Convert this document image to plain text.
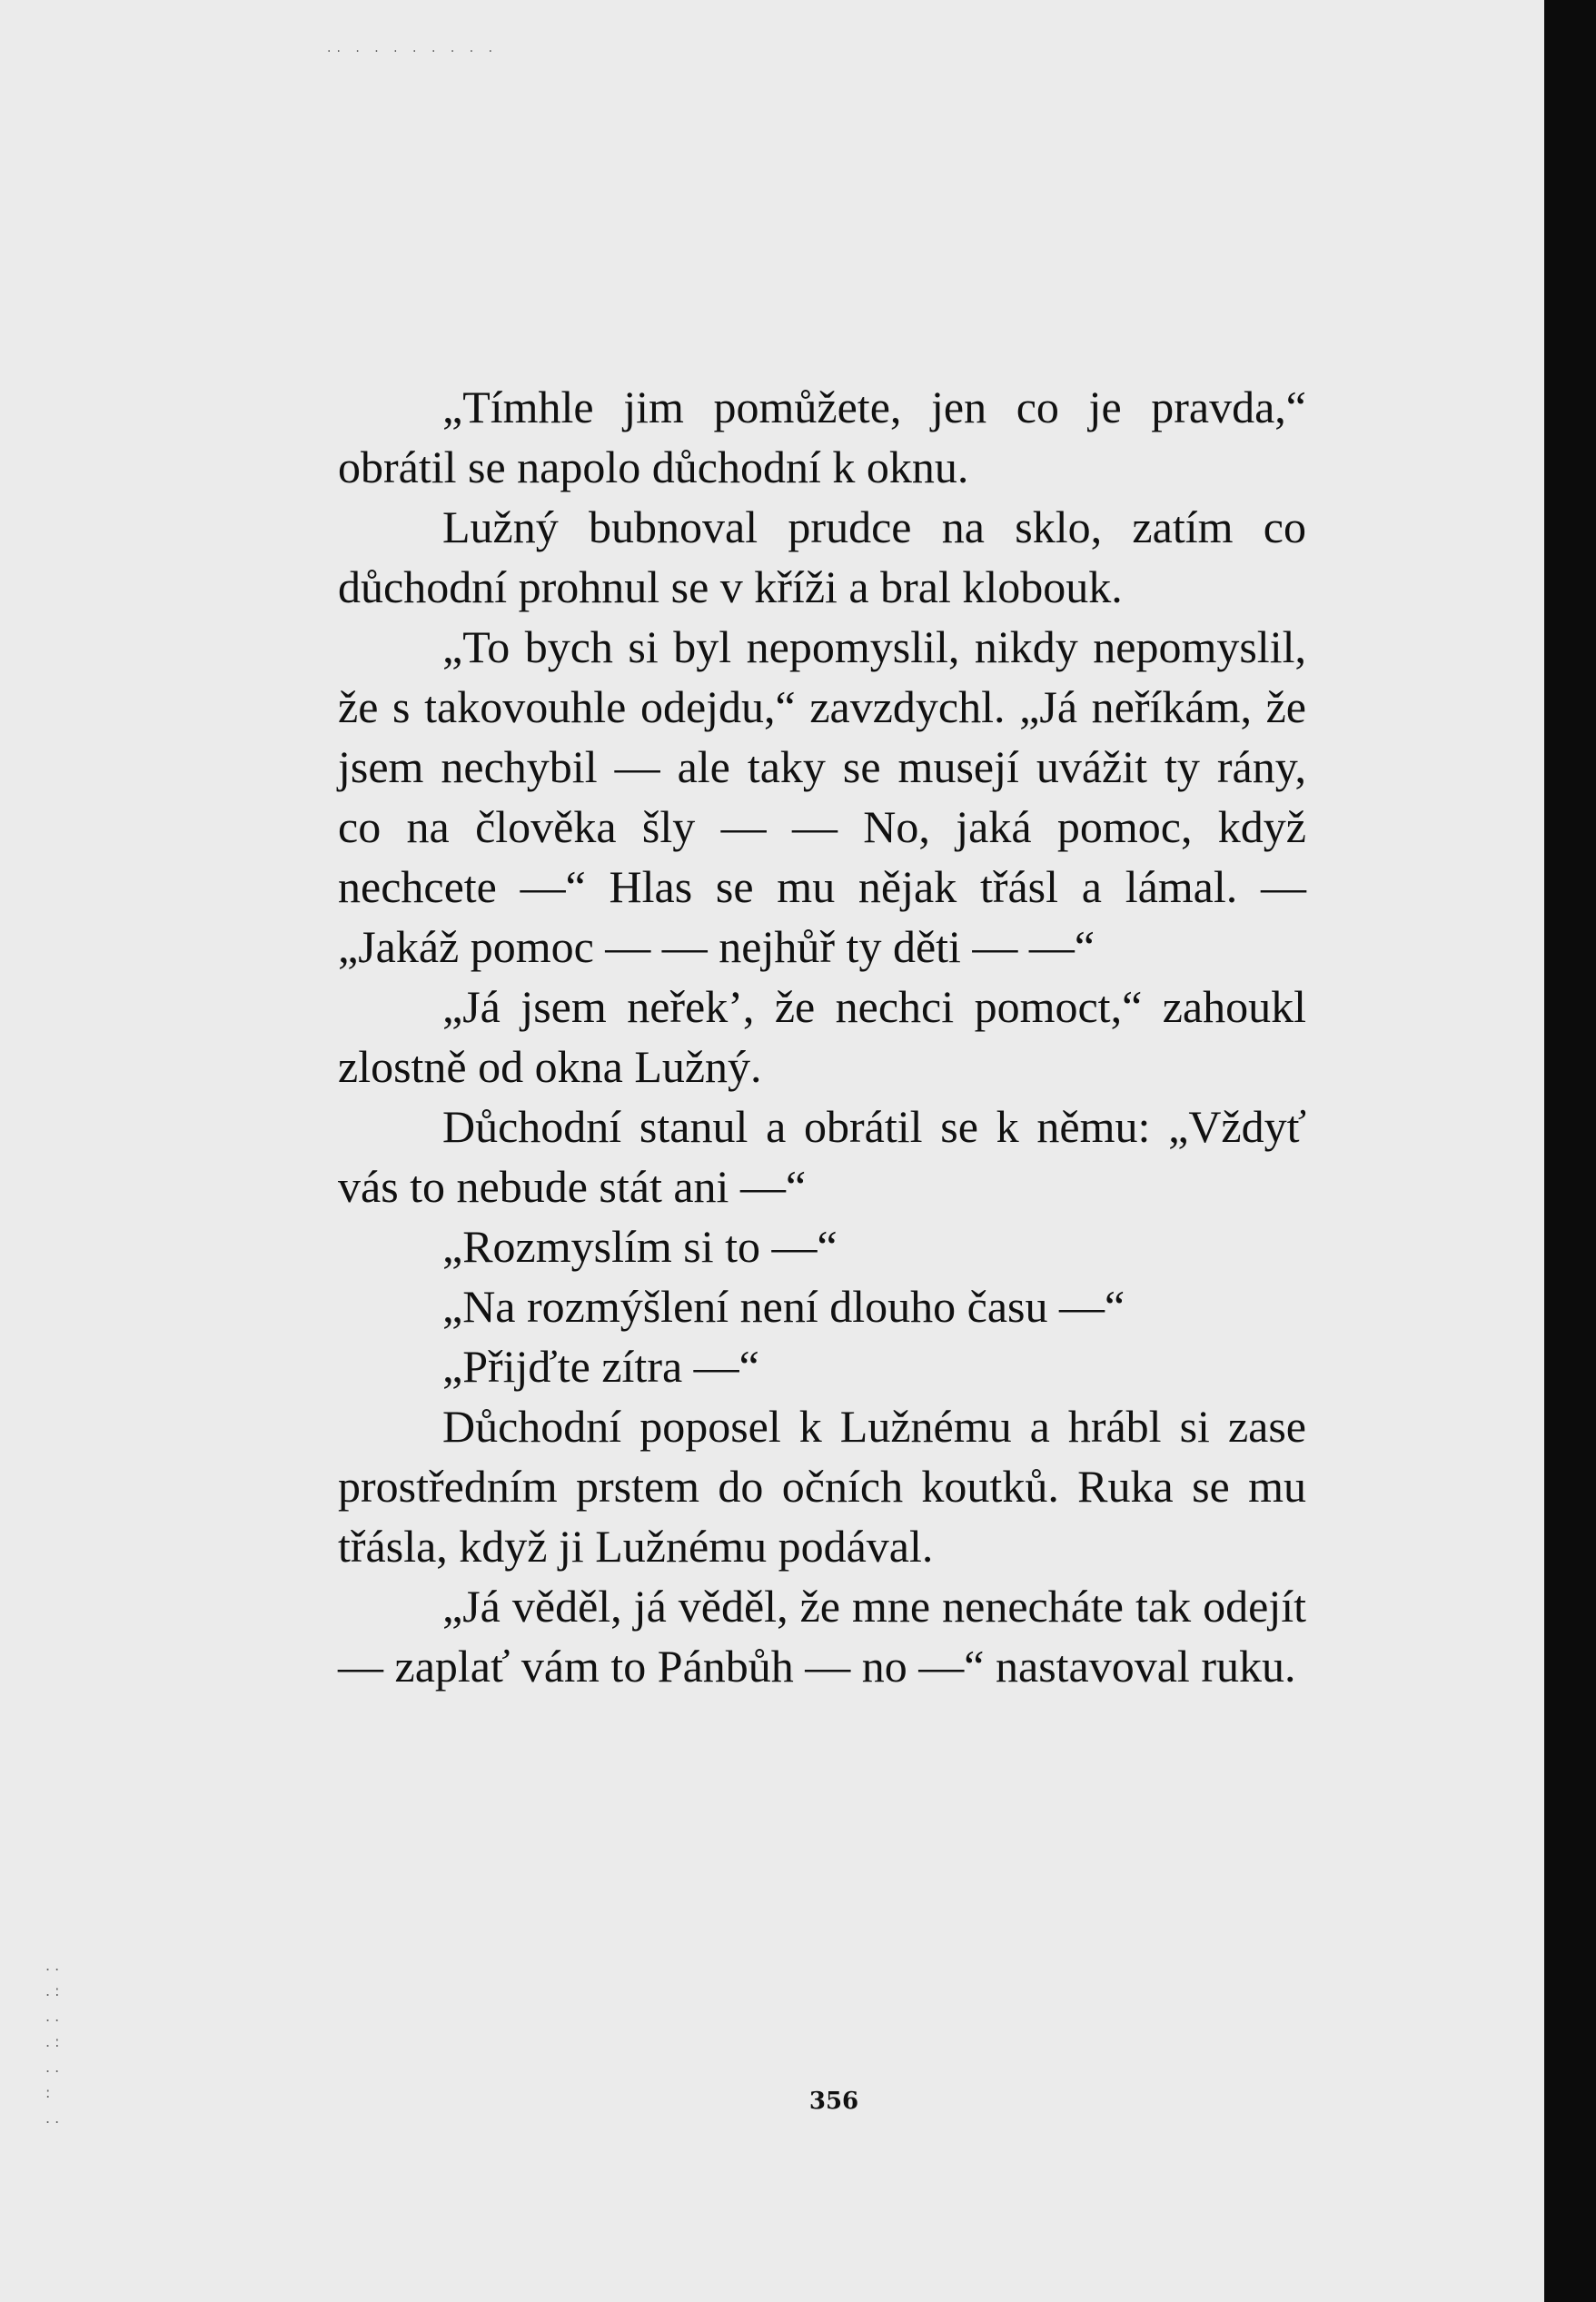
.. . . . . . . . .
. .
. :
. .
. :
. .
:
. .

„Tímhle jim pomůžete, jen co je pravda,“ obrátil se napolo důchodní k oknu.

Lužný bubnoval prudce na sklo, zatím co důchodní prohnul se v kříži a bral klobouk.

„To bych si byl nepomyslil, nikdy nepomyslil, že s takovouhle odejdu,“ zavzdychl. „Já neříkám, že jsem nechybil — ale taky se musejí uvážit ty rány, co na člověka šly — — No, jaká pomoc, když nechcete —“ Hlas se mu nějak třásl a lámal. — „Jakáž pomoc — — nejhůř ty děti — —“

„Já jsem neřek’, že nechci pomoct,“ zahoukl zlostně od okna Lužný.

Důchodní stanul a obrátil se k němu: „Vždyť vás to nebude stát ani —“

„Rozmyslím si to —“

„Na rozmýšlení není dlouho času —“

„Přijďte zítra —“

Důchodní poposel k Lužnému a hrábl si zase prostředním prstem do očních koutků. Ruka se mu třásla, když ji Lužnému podával.

„Já věděl, já věděl, že mne nenecháte tak odejít — zaplať vám to Pánbůh — no —“ nastavoval ruku.

356
